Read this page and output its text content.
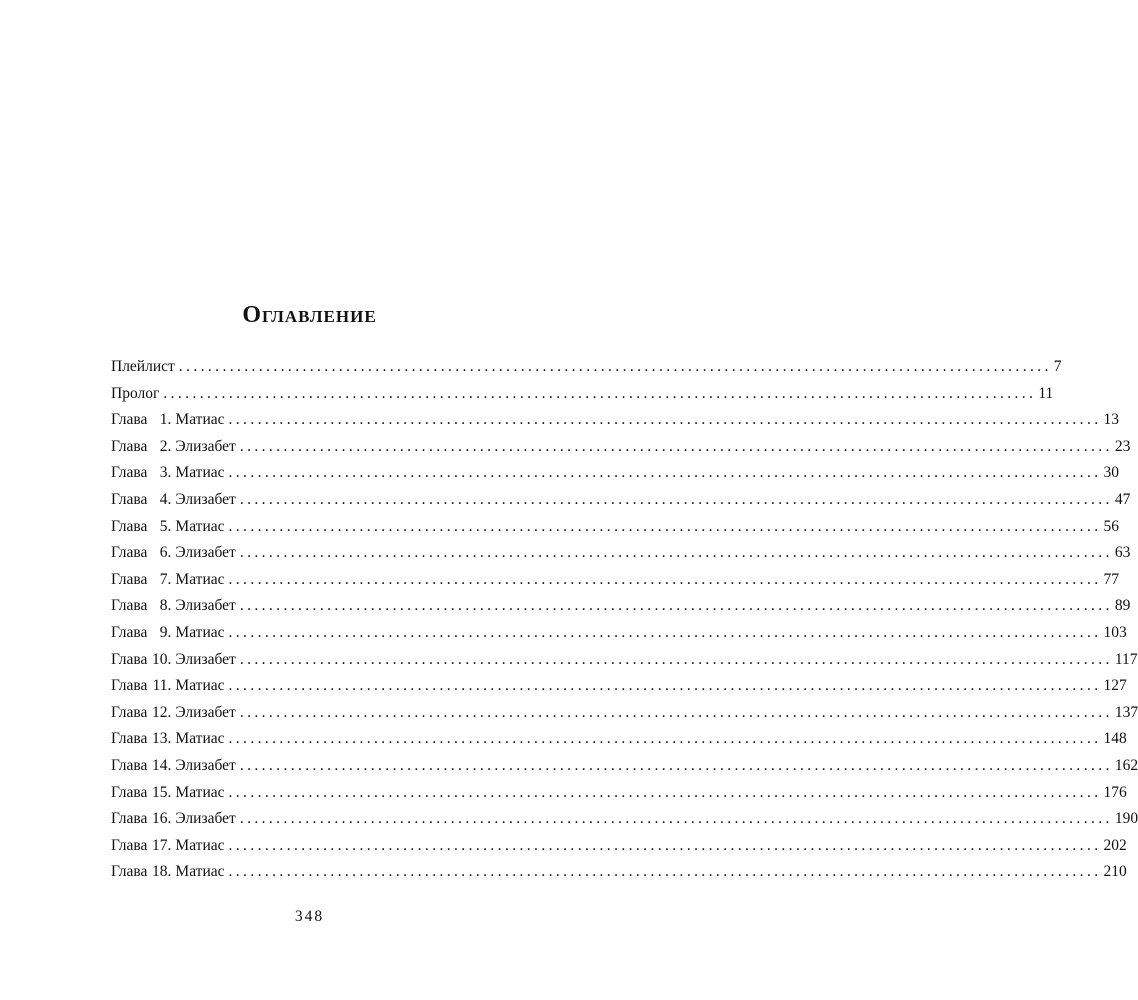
Оглавление
Плейлист ........................................................................................................................ 7
Пролог ........................................................................................................................ 11
Глава 1. Матиас ........................................................................................................................ 13
Глава 2. Элизабет ........................................................................................................................ 23
Глава 3. Матиас ........................................................................................................................ 30
Глава 4. Элизабет ........................................................................................................................ 47
Глава 5. Матиас ........................................................................................................................ 56
Глава 6. Элизабет ........................................................................................................................ 63
Глава 7. Матиас ........................................................................................................................ 77
Глава 8. Элизабет ........................................................................................................................ 89
Глава 9. Матиас ........................................................................................................................ 103
Глава 10. Элизабет ........................................................................................................................ 117
Глава 11. Матиас ........................................................................................................................ 127
Глава 12. Элизабет ........................................................................................................................ 137
Глава 13. Матиас ........................................................................................................................ 148
Глава 14. Элизабет ........................................................................................................................ 162
Глава 15. Матиас ........................................................................................................................ 176
Глава 16. Элизабет ........................................................................................................................ 190
Глава 17. Матиас ........................................................................................................................ 202
Глава 18. Матиас ........................................................................................................................ 210
348
